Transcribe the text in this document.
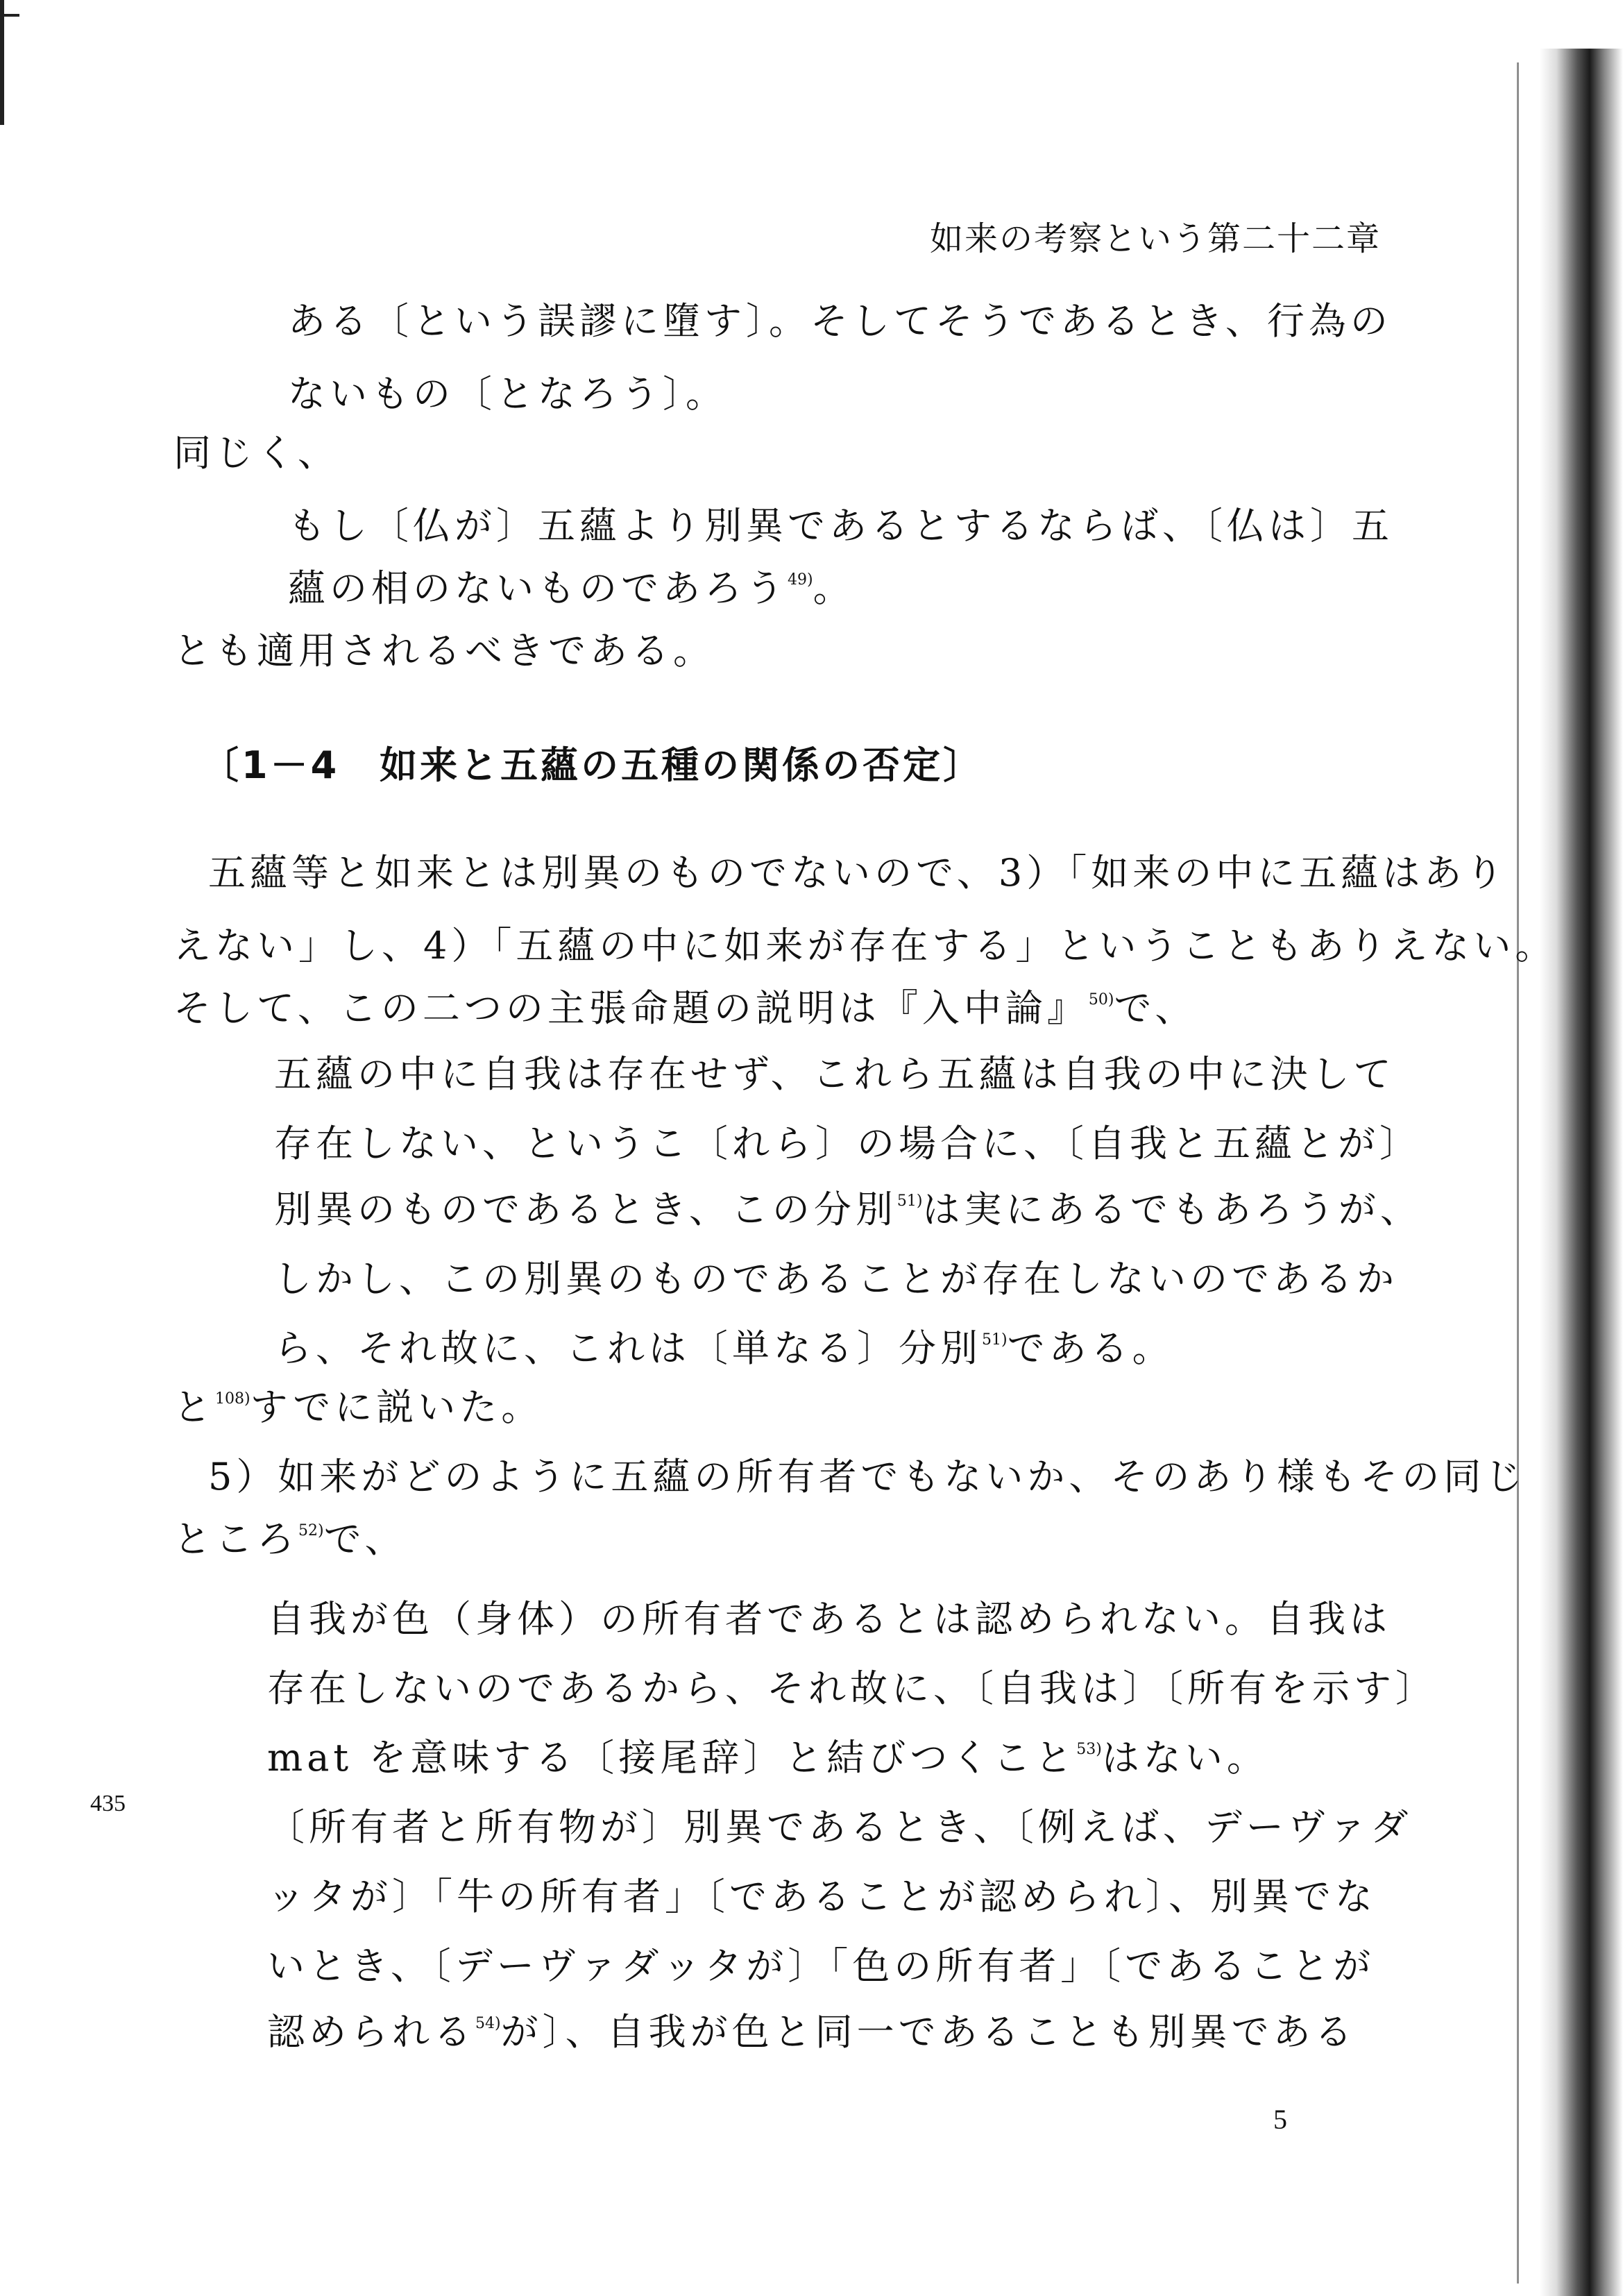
如来の考察という第二十二章
ある〔という誤謬に墮す〕。そしてそうであるとき、行為の
ないもの〔となろう〕。
同じく、
もし〔仏が〕五蘊より別異であるとするならば、〔仏は〕五
蘊の相のないものであろう$^{49)}$。
とも適用されるべきである。
〔1－4　如来と五蘊の五種の関係の否定〕
五蘊等と如来とは別異のものでないので、3）「如来の中に五蘊はあり
えない」し、4）「五蘊の中に如来が存在する」ということもありえない。
そして、この二つの主張命題の説明は『入中論』$^{50)}$で、
五蘊の中に自我は存在せず、これら五蘊は自我の中に決して
存在しない、というこ〔れら〕の場合に、〔自我と五蘊とが〕
別異のものであるとき、この分別$^{51)}$は実にあるでもあろうが、
しかし、この別異のものであることが存在しないのであるか
ら、それ故に、これは〔単なる〕分別$^{51)}$である。
と$^{108)}$すでに説いた。
5）如来がどのように五蘊の所有者でもないか、そのあり様もその同じ
ところ$^{52)}$で、
自我が色（身体）の所有者であるとは認められない。自我は
存在しないのであるから、それ故に、〔自我は〕〔所有を示す〕
mat を意味する〔接尾辞〕と結びつくこと$^{53)}$はない。
435
〔所有者と所有物が〕別異であるとき、〔例えば、デーヴァダ
ッタが〕「牛の所有者」〔であることが認められ〕、別異でな
いとき、〔デーヴァダッタが〕「色の所有者」〔であることが
認められる$^{54)}$が〕、自我が色と同一であることも別異である
5
